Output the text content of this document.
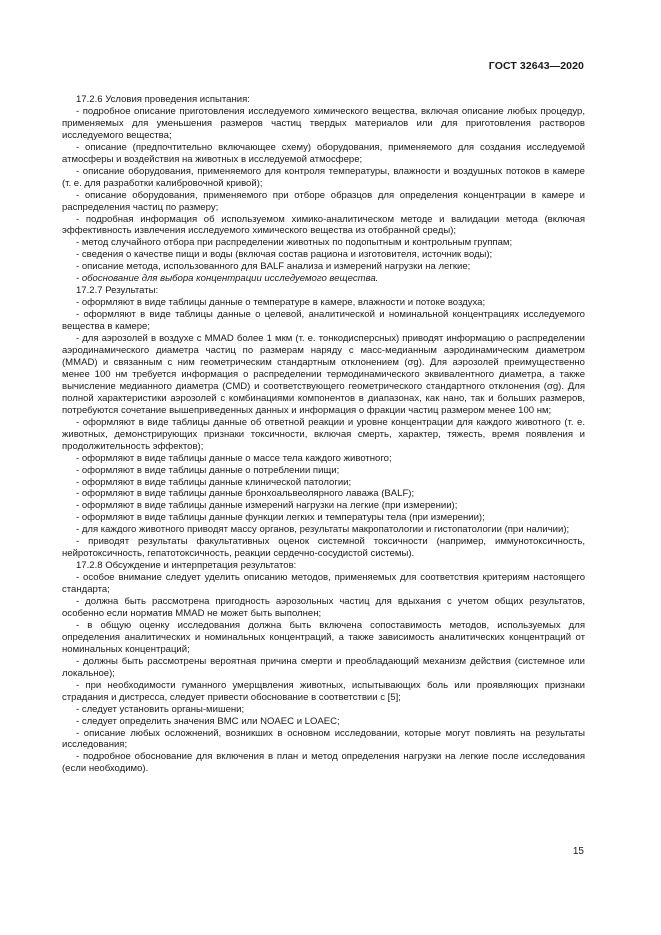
ГОСТ 32643—2020

17.2.6 Условия проведения испытания:

- подробное описание приготовления исследуемого химического вещества, включая описание любых процедур, применяемых для уменьшения размеров частиц твердых материалов или для приготовления растворов исследуемого вещества;

- описание (предпочтительно включающее схему) оборудования, применяемого для создания исследуемой атмосферы и воздействия на животных в исследуемой атмосфере;

- описание оборудования, применяемого для контроля температуры, влажности и воздушных потоков в камере (т. е. для разработки калибровочной кривой);

- описание оборудования, применяемого при отборе образцов для определения концентрации в камере и распределения частиц по размеру;

- подробная информация об используемом химико-аналитическом методе и валидации метода (включая эффективность извлечения исследуемого химического вещества из отобранной среды);

- метод случайного отбора при распределении животных по подопытным и контрольным группам;

- сведения о качестве пищи и воды (включая состав рациона и изготовителя, источник воды);

- описание метода, использованного для BALF анализа и измерений нагрузки на легкие;

- обоснование для выбора концентрации исследуемого вещества.

17.2.7 Результаты:

- оформляют в виде таблицы данные о температуре в камере, влажности и потоке воздуха;

- оформляют в виде таблицы данные о целевой, аналитической и номинальной концентрациях исследуемого вещества в камере;

- для аэрозолей в воздухе с MMAD более 1 мкм (т. е. тонкодисперсных) приводят информацию о распределении аэродинамического диаметра частиц по размерам наряду с масс-медианным аэродинамическим диаметром (MMAD) и связанным с ним геометрическим стандартным отклонением (σg). Для аэрозолей преимущественно менее 100 нм требуется информация о распределении термодинамического эквивалентного диаметра, а также вычисление медианного диаметра (CMD) и соответствующего геометрического стандартного отклонения (σg). Для полной характеристики аэрозолей с комбинациями компонентов в диапазонах, как нано, так и больших размеров, потребуются сочетание вышеприведенных данных и информация о фракции частиц размером менее 100 нм;

- оформляют в виде таблицы данные об ответной реакции и уровне концентрации для каждого животного (т. е. животных, демонстрирующих признаки токсичности, включая смерть, характер, тяжесть, время появления и продолжительность эффектов);

- оформляют в виде таблицы данные о массе тела каждого животного;

- оформляют в виде таблицы данные о потреблении пищи;

- оформляют в виде таблицы данные клинической патологии;

- оформляют в виде таблицы данные бронхоальвеолярного лаважа (BALF);

- оформляют в виде таблицы данные измерений нагрузки на легкие (при измерении);

- оформляют в виде таблицы данные функции легких и температуры тела (при измерении);

- для каждого животного приводят массу органов, результаты макропатологии и гистопатологии (при наличии);

- приводят результаты факультативных оценок системной токсичности (например, иммунотоксичность, нейротоксичность, гепатотоксичность, реакции сердечно-сосудистой системы).

17.2.8 Обсуждение и интерпретация результатов:

- особое внимание следует уделить описанию методов, применяемых для соответствия критериям настоящего стандарта;

- должна быть рассмотрена пригодность аэрозольных частиц для вдыхания с учетом общих результатов, особенно если норматив MMAD не может быть выполнен;

- в общую оценку исследования должна быть включена сопоставимость методов, используемых для определения аналитических и номинальных концентраций, а также зависимость аналитических концентраций от номинальных концентраций;

- должны быть рассмотрены вероятная причина смерти и преобладающий механизм действия (системное или локальное);

- при необходимости гуманного умерщвления животных, испытывающих боль или проявляющих признаки страдания и дистресса, следует привести обоснование в соответствии с [5];

- следует установить органы-мишени;

- следует определить значения BMC или NOAEC и LOAEC;

- описание любых осложнений, возникших в основном исследовании, которые могут повлиять на результаты исследования;

- подробное обоснование для включения в план и метод определения нагрузки на легкие после исследования (если необходимо).

15
